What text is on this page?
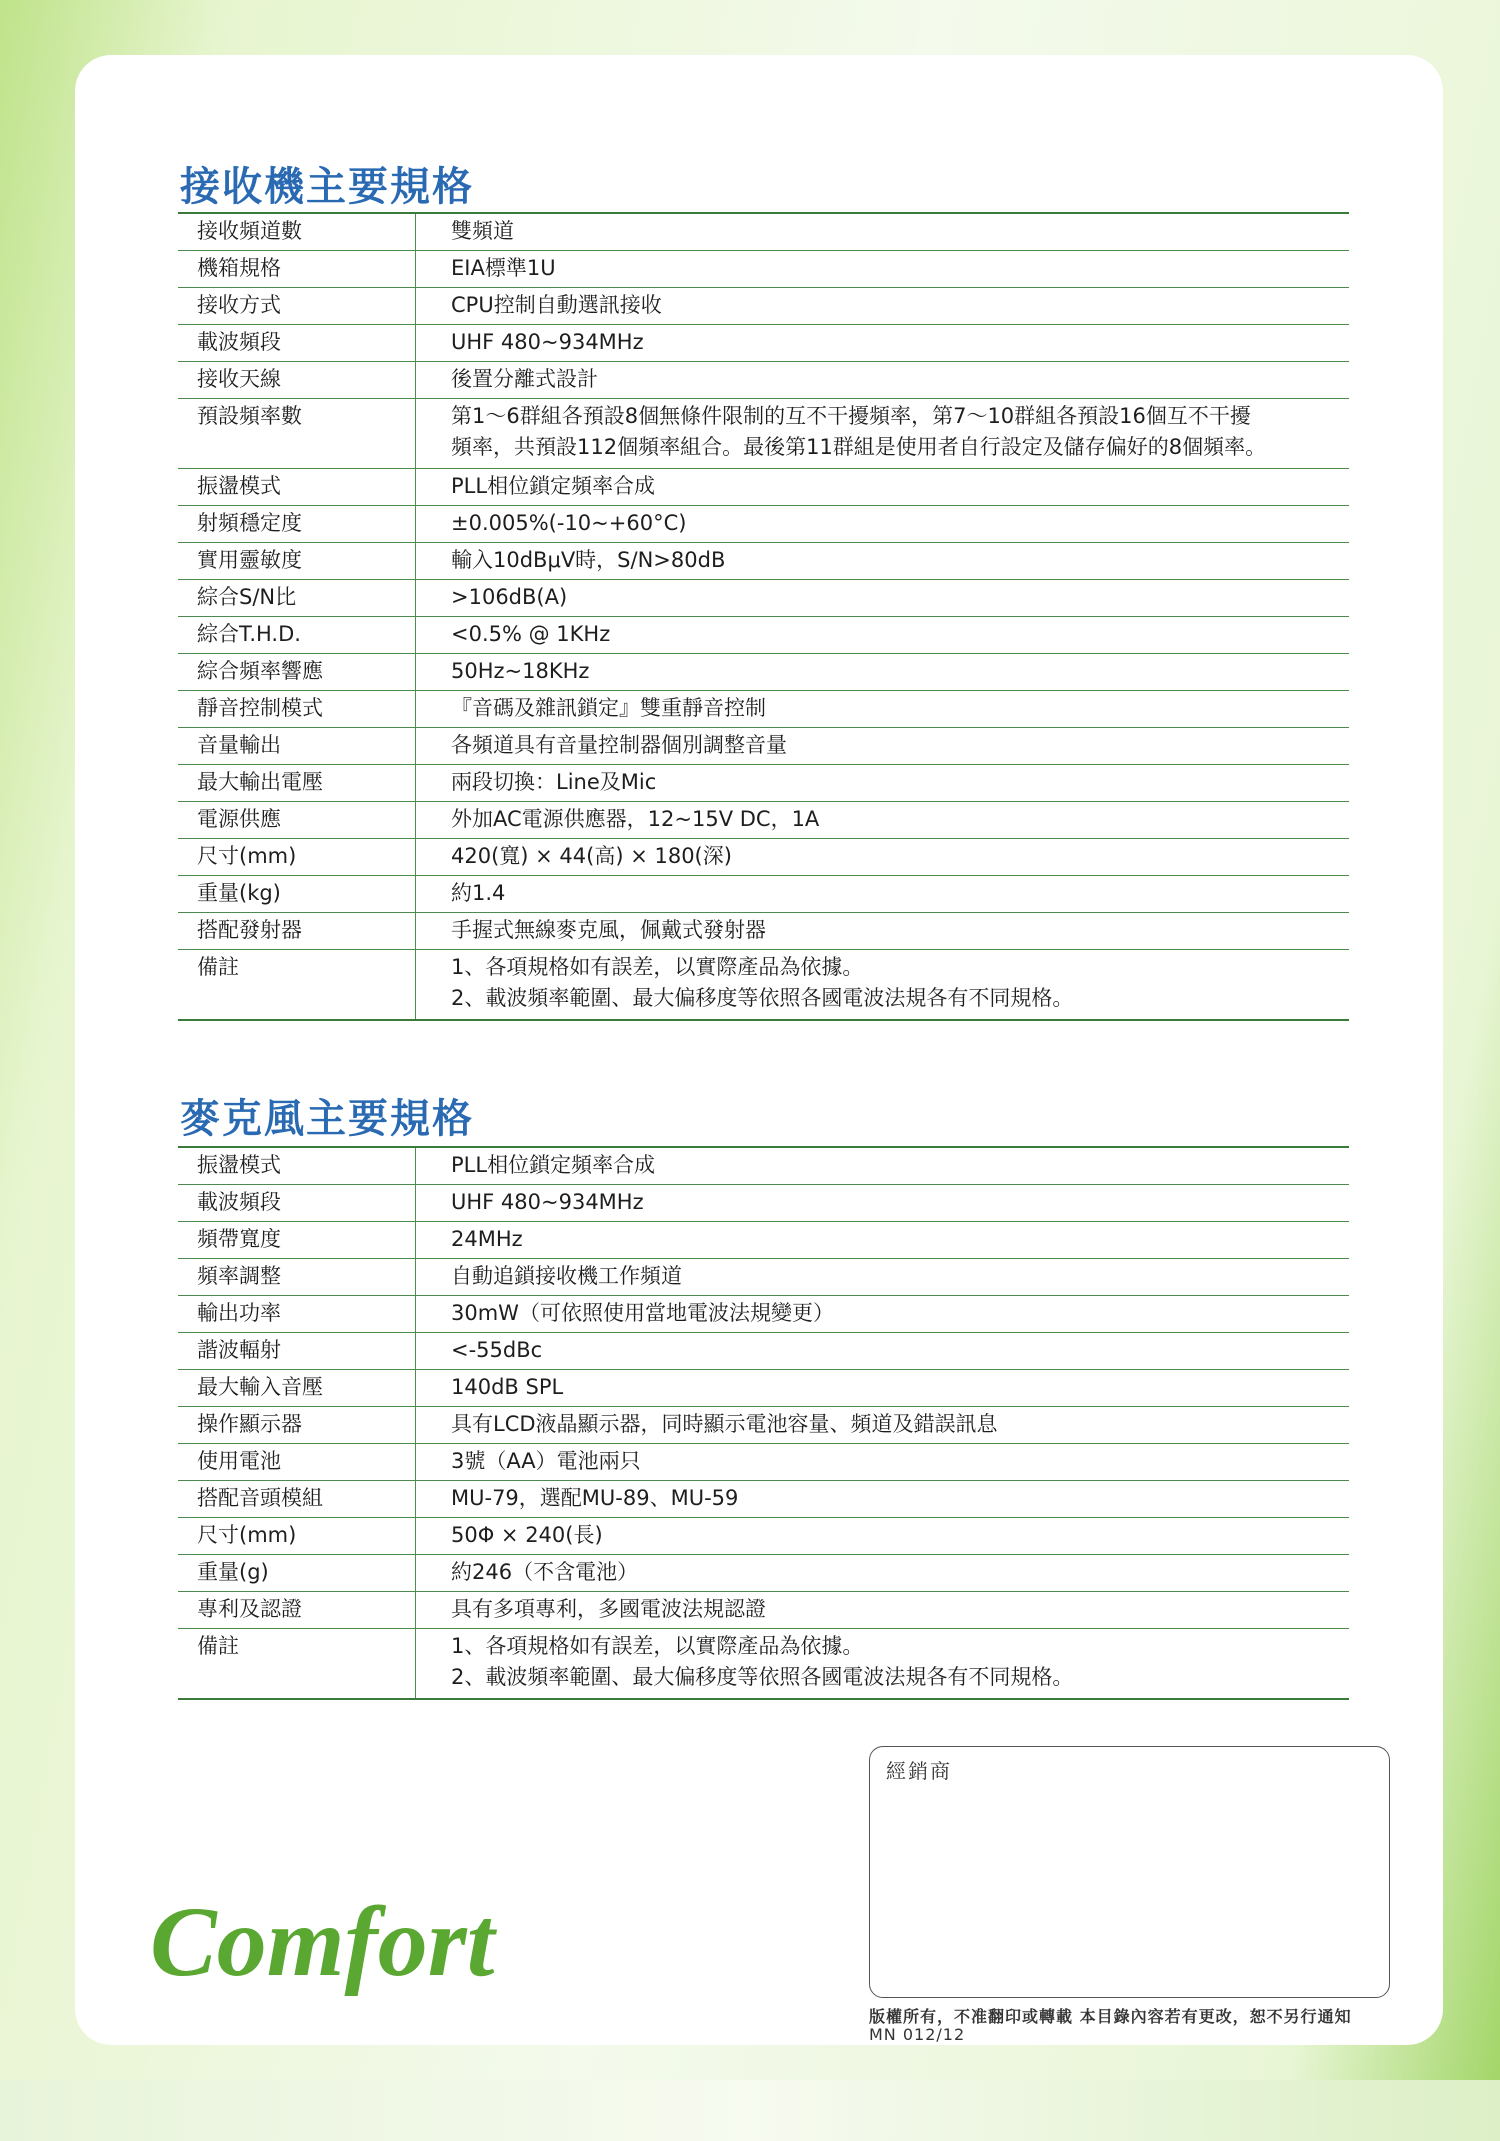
接收機主要規格
接收頻道數	雙頻道
機箱規格	EIA標準1U
接收方式	CPU控制自動選訊接收
載波頻段	UHF 480~934MHz
接收天線	後置分離式設計
預設頻率數	第1～6群組各預設8個無條件限制的互不干擾頻率，第7～10群組各預設16個互不干擾
頻率，共預設112個頻率組合。最後第11群組是使用者自行設定及儲存偏好的8個頻率。
振盪模式	PLL相位鎖定頻率合成
射頻穩定度	±0.005%(-10~+60°C)
實用靈敏度	輸入10dBμV時，S/N>80dB
綜合S/N比	>106dB(A)
綜合T.H.D.	<0.5% @ 1KHz
綜合頻率響應	50Hz~18KHz
靜音控制模式	『音碼及雜訊鎖定』雙重靜音控制
音量輸出	各頻道具有音量控制器個別調整音量
最大輸出電壓	兩段切換：Line及Mic
電源供應	外加AC電源供應器，12~15V DC，1A
尺寸(mm)	420(寬) × 44(高) × 180(深)
重量(kg)	約1.4
搭配發射器	手握式無線麥克風，佩戴式發射器
備註	1、各項規格如有誤差，以實際產品為依據。
2、載波頻率範圍、最大偏移度等依照各國電波法規各有不同規格。
麥克風主要規格
振盪模式	PLL相位鎖定頻率合成
載波頻段	UHF 480~934MHz
頻帶寬度	24MHz
頻率調整	自動追鎖接收機工作頻道
輸出功率	30mW（可依照使用當地電波法規變更）
諧波輻射	<-55dBc
最大輸入音壓	140dB SPL
操作顯示器	具有LCD液晶顯示器，同時顯示電池容量、頻道及錯誤訊息
使用電池	3號（AA）電池兩只
搭配音頭模組	MU-79，選配MU-89、MU-59
尺寸(mm)	50Φ × 240(長)
重量(g)	約246（不含電池）
專利及認證	具有多項專利，多國電波法規認證
備註	1、各項規格如有誤差，以實際產品為依據。
2、載波頻率範圍、最大偏移度等依照各國電波法規各有不同規格。
經銷商
Comfort
版權所有，不准翻印或轉載 本目錄內容若有更改，恕不另行通知
MN 012/12
